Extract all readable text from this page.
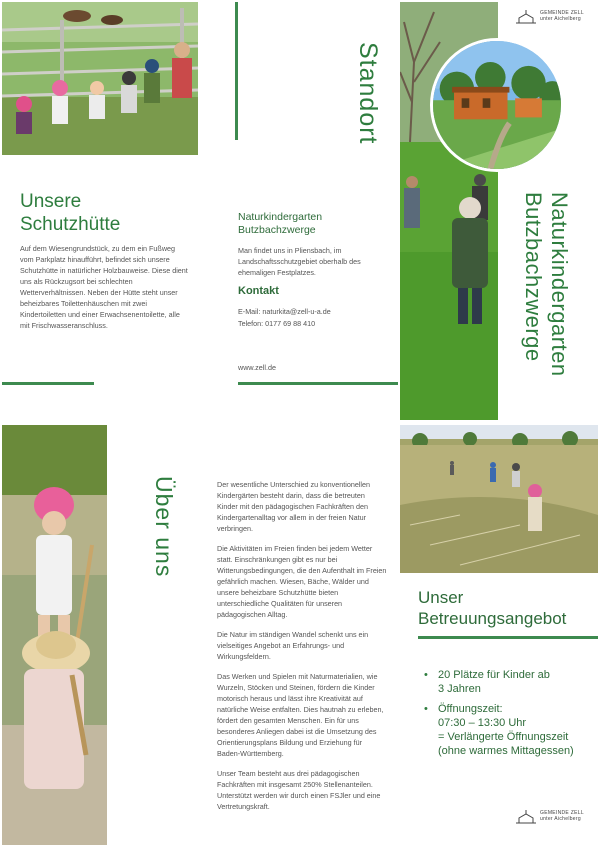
Unsere
Schutzhütte
Auf dem Wiesengrundstück, zu dem ein Fußweg vom Parkplatz hinaufführt, befindet sich unsere Schutzhütte in natürlicher Holzbauweise. Diese dient uns als Rückzugsort bei schlechten Wetterverhältnissen. Neben der Hütte steht unser beheizbares Toilettenhäuschen mit zwei Kindertoiletten und einer Erwachsenentoilette, alle mit Frischwasseranschluss.
Standort
Naturkindergarten
Butzbachzwerge
Man findet uns in Pliensbach, im Landschaftsschutzgebiet oberhalb des ehemaligen Festplatzes.
Kontakt
E-Mail: naturkita@zell-u-a.de
Telefon: 0177 69 88 410
www.zell.de
GEMEINDE ZELL
unter Aichelberg
Naturkindergarten
Butzbachzwerge
Über uns	Der wesentliche Unterschied zu konventionellen Kindergärten besteht darin, dass die betreuten Kinder mit den pädagogischen Fachkräften den Kindergartenalltag vor allem in der freien Natur verbringen.

Die Aktivitäten im Freien finden bei jedem Wetter statt. Einschränkungen gibt es nur bei Witterungsbedingungen, die den Aufenthalt im Freien gefährlich machen. Wiesen, Bäche, Wälder und unsere beheizbare Schutzhütte bieten unterschiedliche Qualitäten für unseren pädagogischen Alltag.

Die Natur im ständigen Wandel schenkt uns ein vielseitiges Angebot an Erfahrungs- und Wirkungsfeldern.

Das Werken und Spielen mit Naturmaterialien, wie Wurzeln, Stöcken und Steinen, fördern die Kinder motorisch heraus und lässt ihre Kreativität auf natürliche Weise entfalten. Dies hautnah zu erleben, fördert den gesamten Menschen. Ein für uns besonderes Anliegen dabei ist die Umsetzung des Orientierungsplans Bildung und Erziehung für Baden-Württemberg.

Unser Team besteht aus drei pädagogischen Fachkräften mit insgesamt 250% Stellenanteilen. Unterstützt werden wir durch einen FSJler und eine Vertretungskraft.

Unser
Betreuungsangebot
• 20 Plätze für Kinder ab
3 Jahren
• Öffnungszeit:
07:30 – 13:30 Uhr
= Verlängerte Öffnungszeit
(ohne warmes Mittagessen)
GEMEINDE ZELL
unter Aichelberg
